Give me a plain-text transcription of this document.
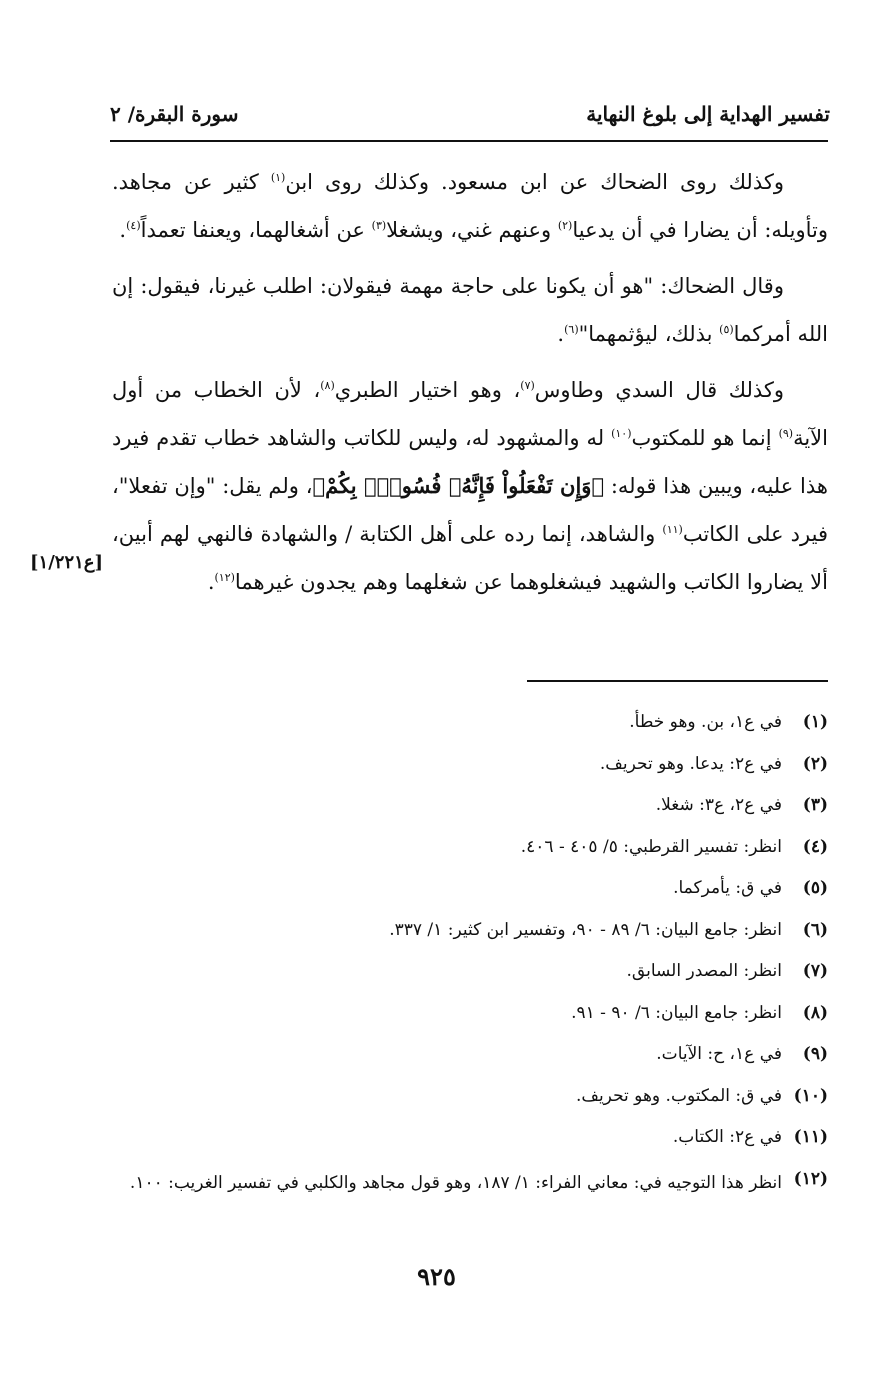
تفسير الهداية إلى بلوغ النهاية
سورة البقرة/ ٢

وكذلك روى الضحاك عن ابن مسعود. وكذلك روى ابن$^{(١)}$ كثير عن مجاهد. وتأويله: أن يضارا في أن يدعيا$^{(٢)}$ وعنهم غني، ويشغلا$^{(٣)}$ عن أشغالهما، ويعنفا تعمداً$^{(٤)}$.

وقال الضحاك: "هو أن يكونا على حاجة مهمة فيقولان: اطلب غيرنا، فيقول: إن الله أمركما$^{(٥)}$ بذلك، ليؤثمهما"$^{(٦)}$.

وكذلك قال السدي وطاوس$^{(٧)}$، وهو اختيار الطبري$^{(٨)}$، لأن الخطاب من أول الآية$^{(٩)}$ إنما هو للمكتوب$^{(١٠)}$ له والمشهود له، وليس للكاتب والشاهد خطاب تقدم فيرد هذا عليه، ويبين هذا قوله: ﴿وَإِن تَفْعَلُواْ فَإِنَّهُۥ فُسُوقُۢ بِكُمْ﴾، ولم يقل: "وإن تفعلا"، فيرد على الكاتب$^{(١١)}$ والشاهد، إنما رده على أهل الكتابة / والشهادة فالنهي لهم أبين، ألا يضاروا الكاتب والشهيد فيشغلوهما عن شغلهما وهم يجدون غيرهما$^{(١٢)}$.

[ع١/٢٢١]
(١)
في ع١، بن. وهو خطأ.
(٢)
في ع٢: يدعا. وهو تحريف.
(٣)
في ع٢، ع٣: شغلا.
(٤)
انظر: تفسير القرطبي: ٥/ ٤٠٥ - ٤٠٦.
(٥)
في ق: يأمركما.
(٦)
انظر: جامع البيان: ٦/ ٨٩ - ٩٠، وتفسير ابن كثير: ١/ ٣٣٧.
(٧)
انظر: المصدر السابق.
(٨)
انظر: جامع البيان: ٦/ ٩٠ - ٩١.
(٩)
في ع١، ح: الآيات.
(١٠)
في ق: المكتوب. وهو تحريف.
(١١)
في ع٢: الكتاب.
(١٢)
انظر هذا التوجيه في: معاني الفراء: ١/ ١٨٧، وهو قول مجاهد والكلبي في تفسير الغريب: ١٠٠.
٩٢٥
